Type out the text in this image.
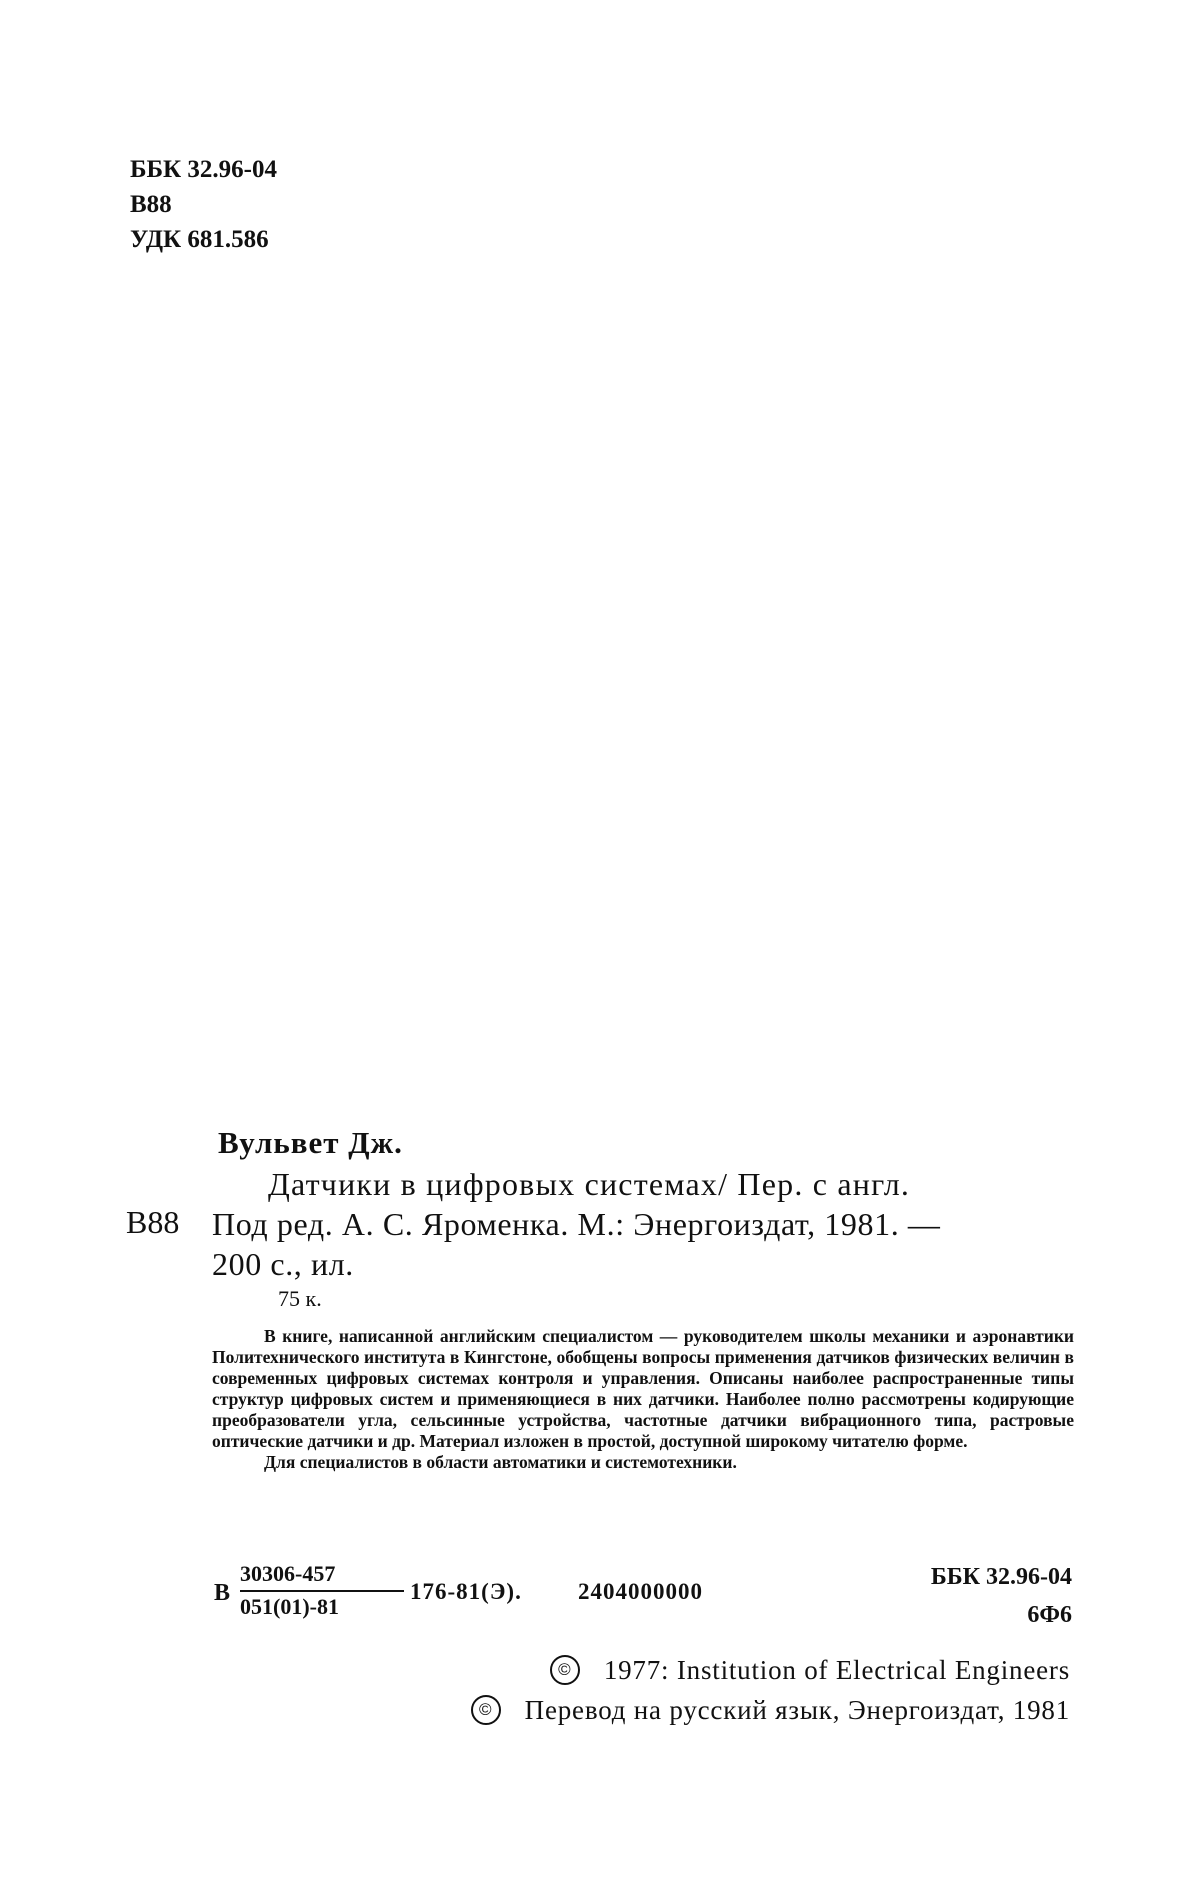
ББК 32.96-04
В88
УДК 681.586
Вульвет Дж.
В88
Датчики в цифровых системах/ Пер. с англ.
Под ред. А. С. Яроменка. М.: Энергоиздат, 1981. —
200 с., ил.
75 к.

В книге, написанной английским специалистом — руководителем школы механики и аэронавтики Политехнического института в Кингстоне, обобщены вопросы применения датчиков физических величин в современных цифровых системах контроля и управления. Описаны наиболее распространенные типы структур цифровых систем и применяющиеся в них датчики. Наиболее полно рассмотрены кодирующие преобразователи угла, сельсинные устройства, частотные датчики вибрационного типа, растровые оптические датчики и др. Материал изложен в простой, доступной широкому читателю форме.

Для специалистов в области автоматики и системотехники.

В
30306-457
051(01)-81
176-81(Э). 2404000000
ББК 32.96-04
6Ф6
©	1977: Institution of Electrical Engineers
©	Перевод на русский язык, Энергоиздат, 1981
